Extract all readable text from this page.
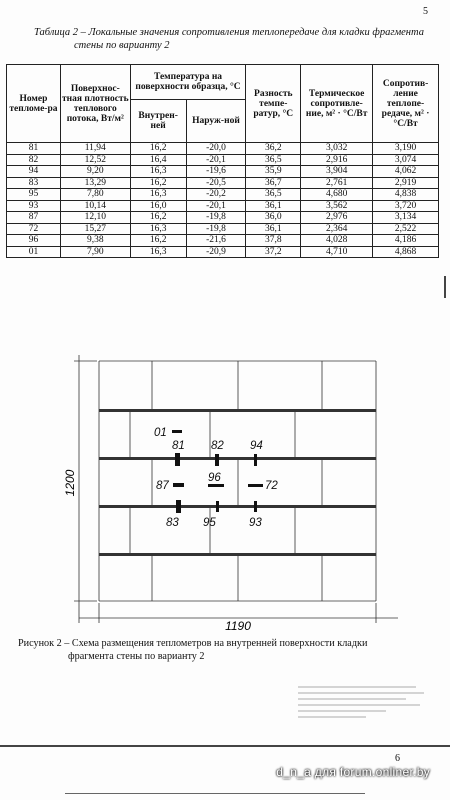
5
Таблица 2 – Локальные значения сопротивления теплопередаче для кладки фрагмента
стены по варианту 2
Номер тепломе-ра	Поверхнос-тная плотность теплового потока, Вт/м²	Температура на поверхности образца, °С		Разность темпе-ратур, °С	Термическое сопротивле-ние, м² · °С/Вт	Сопротив-ление теплопе-редаче, м² · °С/Вт
		Внутрен-ней	Наруж-ной			
81	11,94	16,2	-20,0	36,2	3,032	3,190
82	12,52	16,4	-20,1	36,5	2,916	3,074
94	9,20	16,3	-19,6	35,9	3,904	4,062
83	13,29	16,2	-20,5	36,7	2,761	2,919
95	7,80	16,3	-20,2	36,5	4,680	4,838
93	10,14	16,0	-20,1	36,1	3,562	3,720
87	12,10	16,2	-19,8	36,0	2,976	3,134
72	15,27	16,3	-19,8	36,1	2,364	2,522
96	9,38	16,2	-21,6	37,8	4,028	4,186
01	7,90	16,3	-20,9	37,2	4,710	4,868
1190
1200
01
81 82 94
87
96
72
83 95	93
Рисунок 2 – Схема размещения теплометров на внутренней поверхности кладки
фрагмента стены по варианту 2
6
d_n_a для forum.onliner.by
